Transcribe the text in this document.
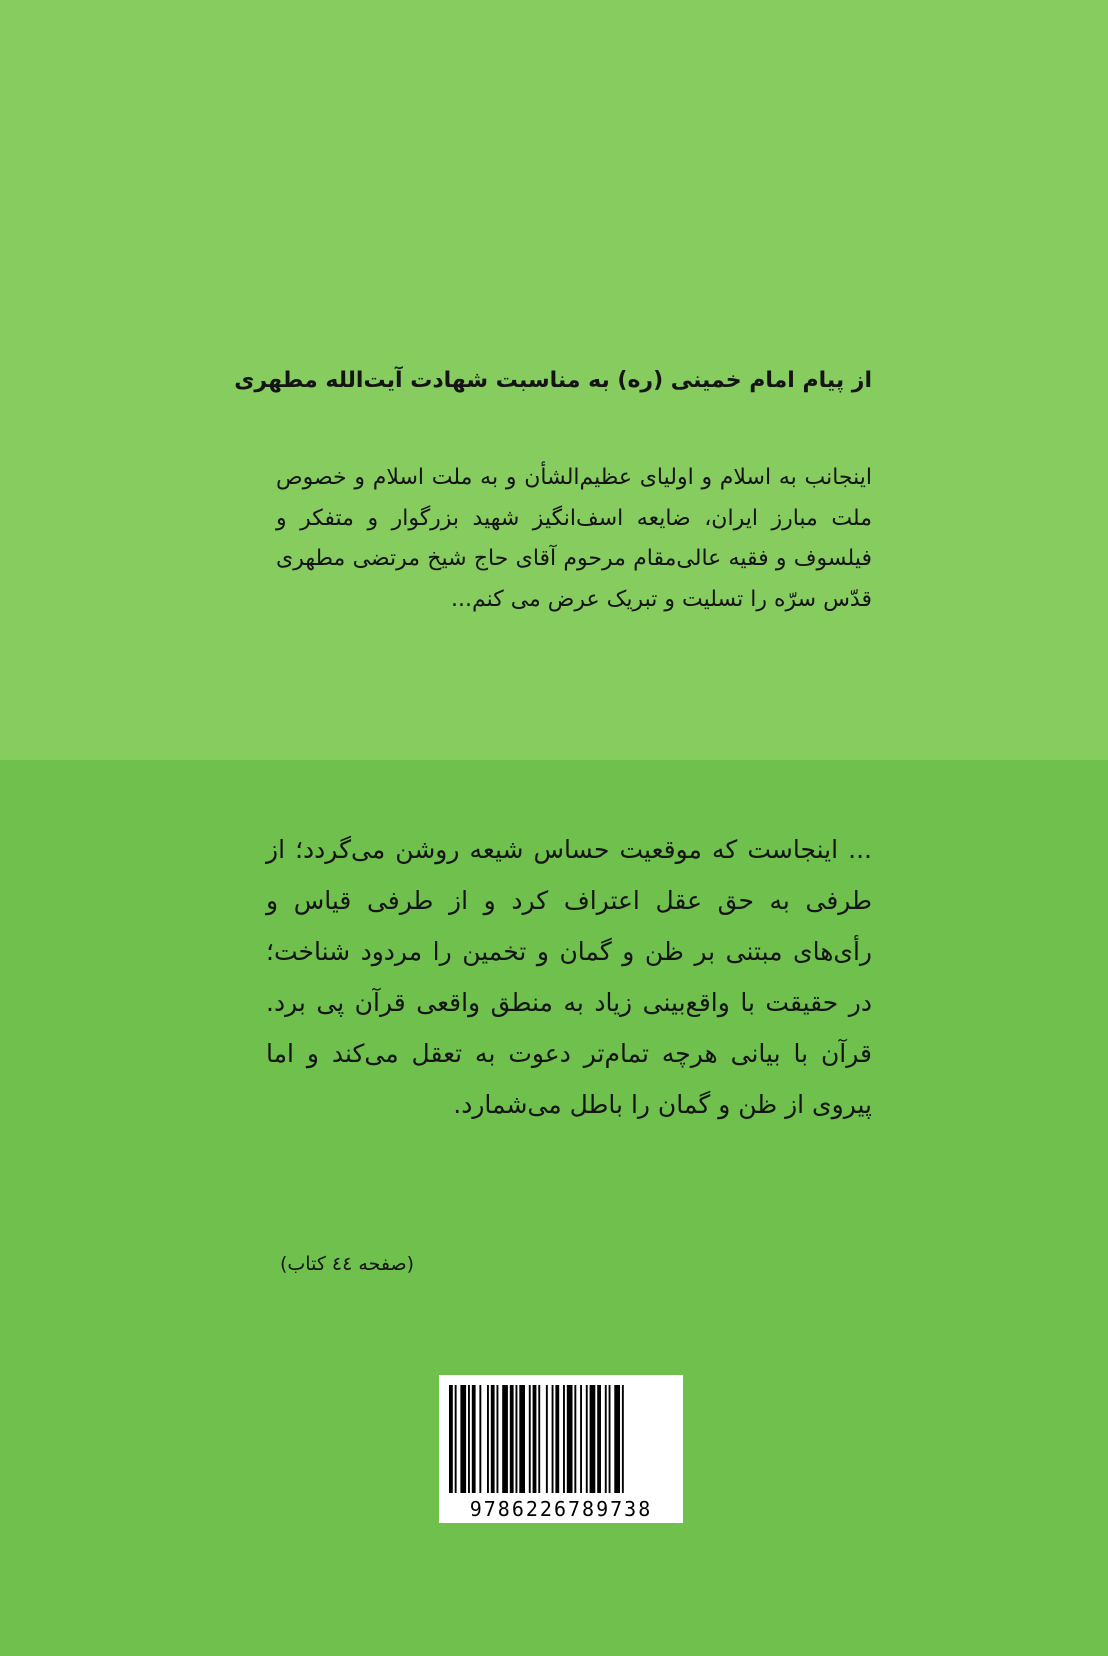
از پیام امام خمینی (ره) به مناسبت شهادت آیت‌الله مطهری
اینجانب به اسلام و اولیای عظیم‌الشأن و به ملت اسلام و خصوص ملت مبارز ایران، ضایعه اسف‌انگیز شهید بزرگوار و متفکر و فیلسوف و فقیه عالی‌مقام مرحوم آقای حاج شیخ مرتضی مطهری قدّس سرّه را تسلیت و تبریک عرض می کنم...
... اینجاست که موقعیت حساس شیعه روشن می‌گردد؛ از طرفی به حق عقل اعتراف کرد و از طرفی قیاس و رأی‌های مبتنی بر ظن و گمان و تخمین را مردود شناخت؛ در حقیقت با واقع‌بینی زیاد به منطق واقعی قرآن پی برد. قرآن با بیانی هرچه تمام‌تر دعوت به تعقل می‌کند و اما پیروی از ظن و گمان را باطل می‌شمارد.
(صفحه ٤٤ کتاب)
9786226789738
